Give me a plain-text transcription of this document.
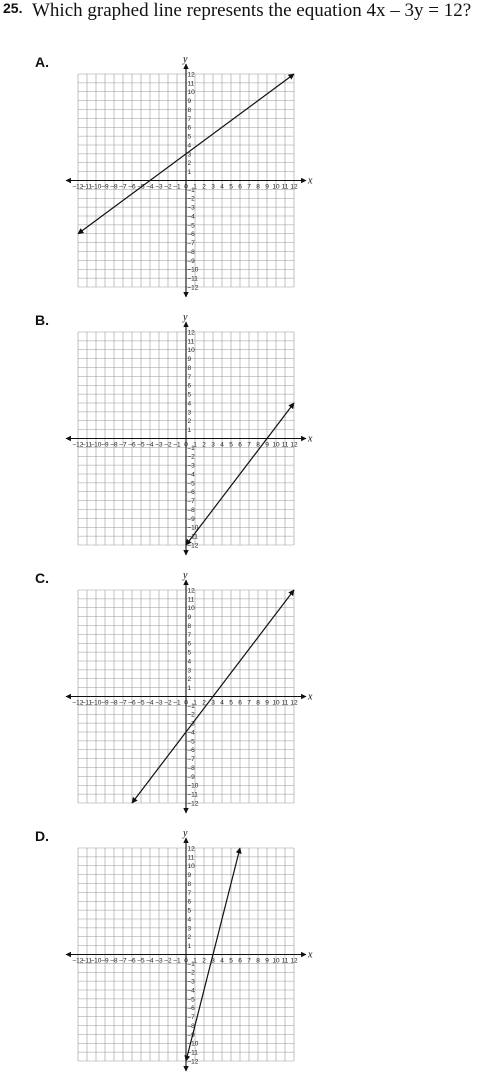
25. Which graphed line represents the equation 4x – 3y = 12?
A.
x
y
–12
–11
–10 –9 –8 –7 –6 –5 –4 –3 –2 –1 0 1 2 3 4 5 6 7 8 9 10 11 12
12
11
10
9
8
7
6
5
4
3
2
1
–1
–2
–3
–4
–5
–6
–7
–8
–9
–10
–11
–12
B.
x
y
–12
–11
–10 –9 –8 –7 –6 –5 –4 –3 –2 –1 0 1 2 3 4 5 6 7 8 9 10 11 12
12
11
10
9
8
7
6
5
4
3
2
1
–1
–2
–3
–4
–5
–6
–7
–8
–9
–10
–11
–12
C.
x
y
–12
–11
–10 –9 –8 –7 –6 –5 –4 –3 –2 –1 0 1 2 3 4 5 6 7 8 9 10 11 12
12
11
10
9
8
7
6
5
4
3
2
1
–1
–2
–3
–4
–5
–6
–7
–8
–9
–10
–11
–12
D.
x
y
–12
–11
–10 –9 –8 –7 –6 –5 –4 –3 –2 –1 0 1 2 3 4 5 6 7 8 9 10 11 12
12
11
10
9
8
7
6
5
4
3
2
1
–1
–2
–3
–4
–5
–6
–7
–8
–9
–10
–11
–12
